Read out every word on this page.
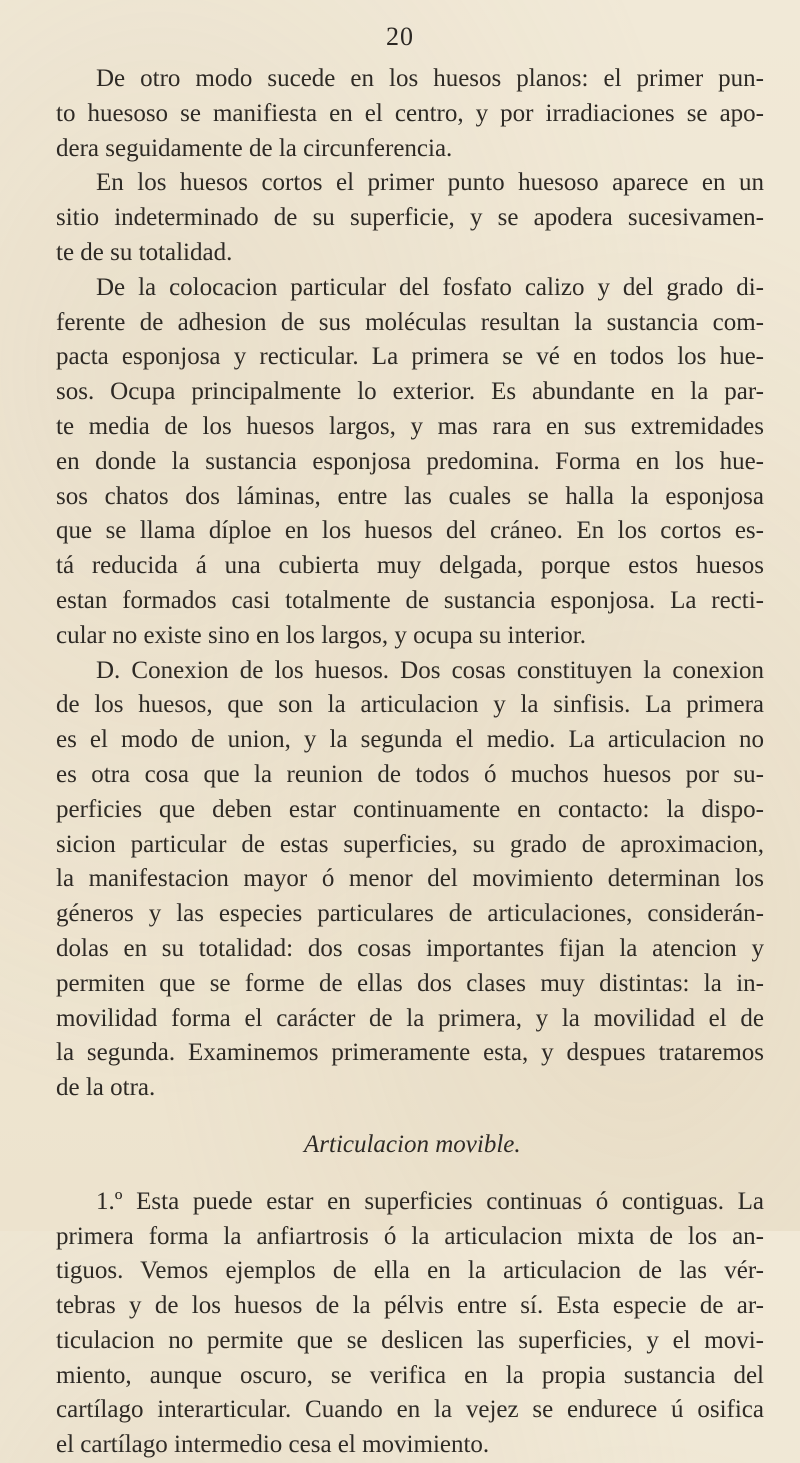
20
De otro modo sucede en los huesos planos: el primer pun-
to huesoso se manifiesta en el centro, y por irradiaciones se apo-
dera seguidamente de la circunferencia.
En los huesos cortos el primer punto huesoso aparece en un
sitio indeterminado de su superficie, y se apodera sucesivamen-
te de su totalidad.
De la colocacion particular del fosfato calizo y del grado di-
ferente de adhesion de sus moléculas resultan la sustancia com-
pacta esponjosa y recticular. La primera se vé en todos los hue-
sos. Ocupa principalmente lo exterior. Es abundante en la par-
te media de los huesos largos, y mas rara en sus extremidades
en donde la sustancia esponjosa predomina. Forma en los hue-
sos chatos dos láminas, entre las cuales se halla la esponjosa
que se llama díploe en los huesos del cráneo. En los cortos es-
tá reducida á una cubierta muy delgada, porque estos huesos
estan formados casi totalmente de sustancia esponjosa. La recti-
cular no existe sino en los largos, y ocupa su interior.
D. Conexion de los huesos. Dos cosas constituyen la conexion
de los huesos, que son la articulacion y la sinfisis. La primera
es el modo de union, y la segunda el medio. La articulacion no
es otra cosa que la reunion de todos ó muchos huesos por su-
perficies que deben estar continuamente en contacto: la dispo-
sicion particular de estas superficies, su grado de aproximacion,
la manifestacion mayor ó menor del movimiento determinan los
géneros y las especies particulares de articulaciones, considerán-
dolas en su totalidad: dos cosas importantes fijan la atencion y
permiten que se forme de ellas dos clases muy distintas: la in-
movilidad forma el carácter de la primera, y la movilidad el de
la segunda. Examinemos primeramente esta, y despues trataremos
de la otra.
Articulacion movible.
1.º Esta puede estar en superficies continuas ó contiguas. La
primera forma la anfiartrosis ó la articulacion mixta de los an-
tiguos. Vemos ejemplos de ella en la articulacion de las vér-
tebras y de los huesos de la pélvis entre sí. Esta especie de ar-
ticulacion no permite que se deslicen las superficies, y el movi-
miento, aunque oscuro, se verifica en la propia sustancia del
cartílago interarticular. Cuando en la vejez se endurece ú osifica
el cartílago intermedio cesa el movimiento.
